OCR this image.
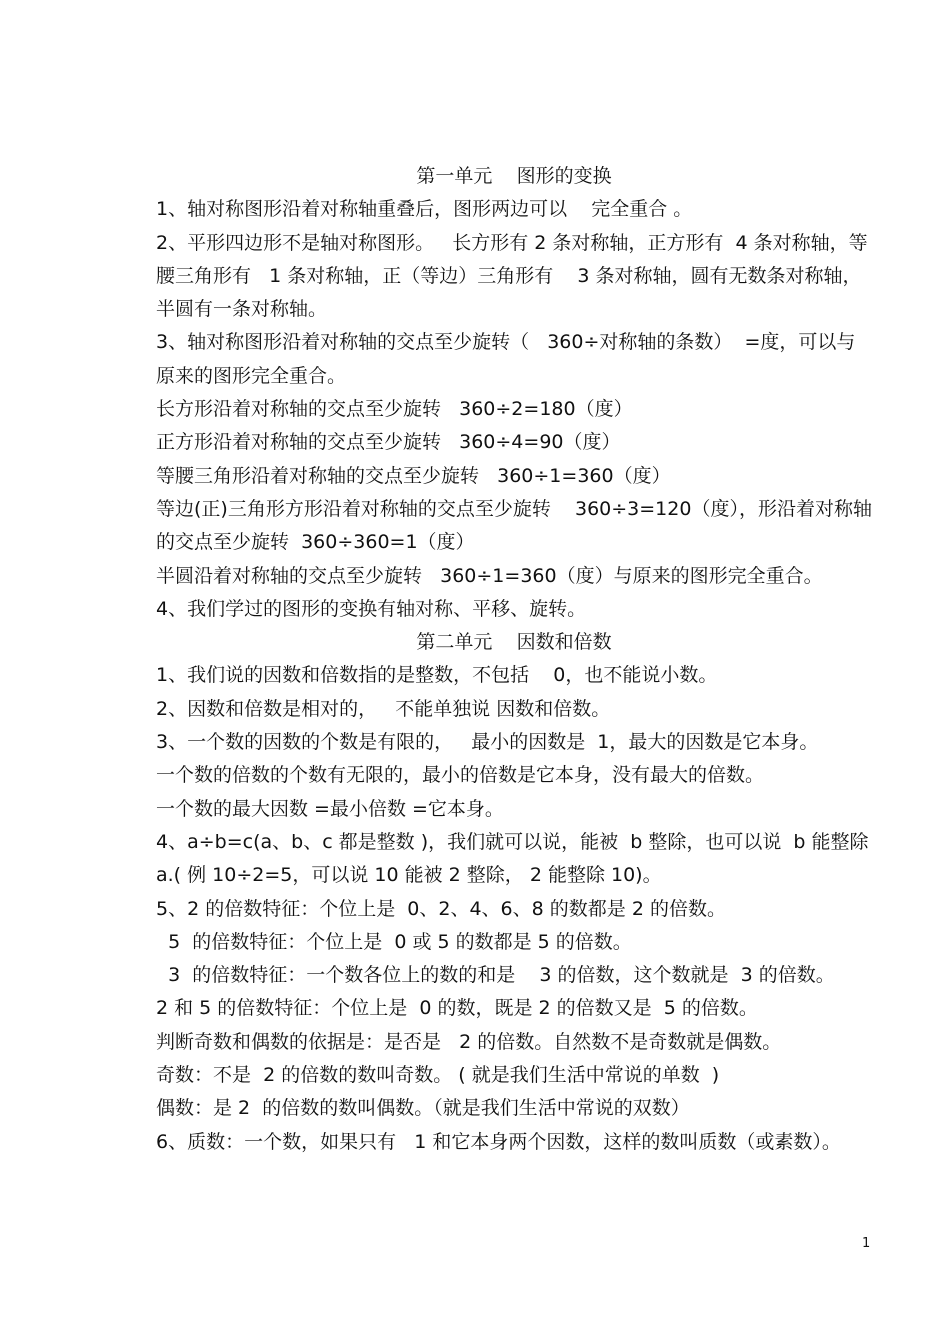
第一单元    图形的变换
1、轴对称图形沿着对称轴重叠后，图形两边可以    完全重合 。
2、平形四边形不是轴对称图形。   长方形有 2 条对称轴，正方形有  4 条对称轴，等腰三角形有   1 条对称轴，正（等边）三角形有    3 条对称轴，圆有无数条对称轴，半圆有一条对称轴。
3、轴对称图形沿着对称轴的交点至少旋转（   360÷对称轴的条数）  =度，可以与原来的图形完全重合。
长方形沿着对称轴的交点至少旋转   360÷2=180（度）
正方形沿着对称轴的交点至少旋转   360÷4=90（度）
等腰三角形沿着对称轴的交点至少旋转   360÷1=360（度）
等边(正)三角形方形沿着对称轴的交点至少旋转    360÷3=120（度），形沿着对称轴的交点至少旋转  360÷360=1（度）
半圆沿着对称轴的交点至少旋转   360÷1=360（度）与原来的图形完全重合。
4、我们学过的图形的变换有轴对称、平移、旋转。
第二单元    因数和倍数
1、我们说的因数和倍数指的是整数，不包括    0，也不能说小数。
2、因数和倍数是相对的，   不能单独说 因数和倍数。
3、一个数的因数的个数是有限的，   最小的因数是  1，最大的因数是它本身。
一个数的倍数的个数有无限的，最小的倍数是它本身，没有最大的倍数。
一个数的最大因数 =最小倍数 =它本身。
4、a÷b=c(a、b、c 都是整数 )，我们就可以说，能被  b 整除，也可以说  b 能整除 a.( 例 10÷2=5，可以说 10 能被 2 整除， 2 能整除 10)。
5、2 的倍数特征：个位上是  0、2、4、6、8 的数都是 2 的倍数。
5  的倍数特征：个位上是  0 或 5 的数都是 5 的倍数。
3  的倍数特征：一个数各位上的数的和是    3 的倍数，这个数就是  3 的倍数。
2 和 5 的倍数特征：个位上是  0 的数，既是 2 的倍数又是  5 的倍数。
判断奇数和偶数的依据是：是否是   2 的倍数。自然数不是奇数就是偶数。
奇数：不是  2 的倍数的数叫奇数。 ( 就是我们生活中常说的单数  )
偶数：是 2  的倍数的数叫偶数。（就是我们生活中常说的双数）
6、质数：一个数，如果只有   1 和它本身两个因数，这样的数叫质数（或素数）。
1
